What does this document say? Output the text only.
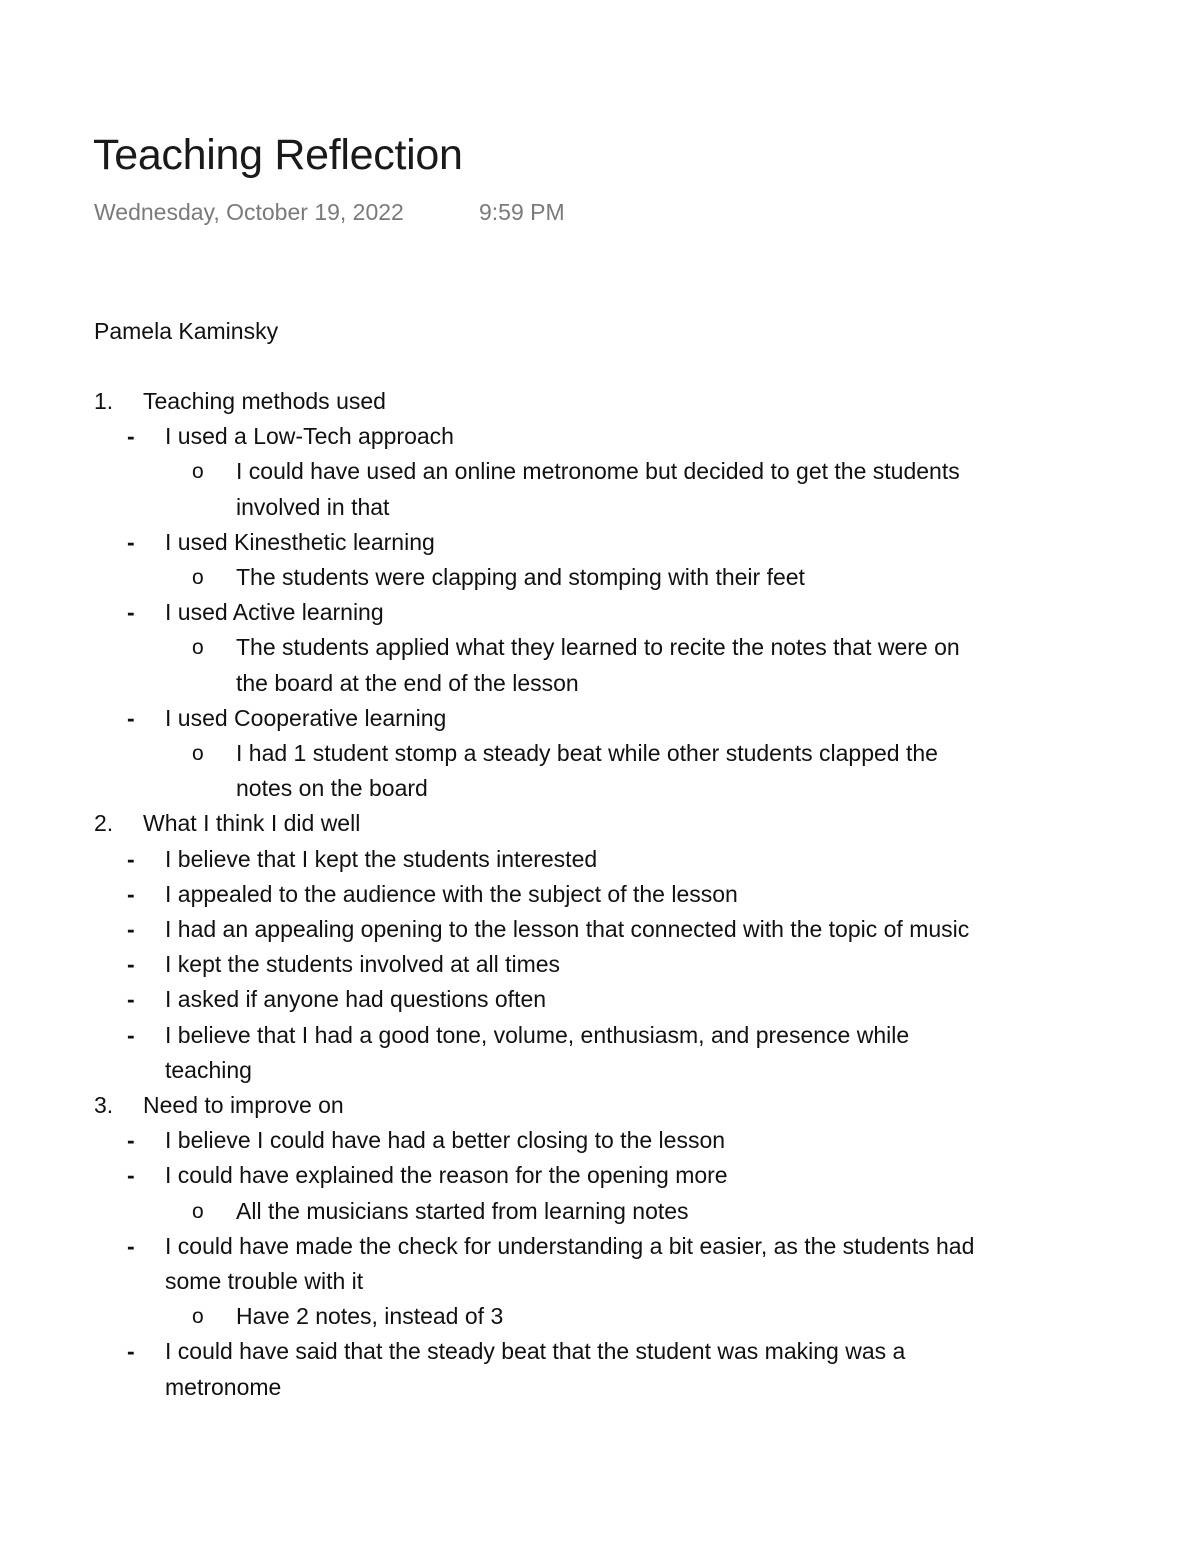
Teaching Reflection
Wednesday, October 19, 2022	9:59 PM
Pamela Kaminsky
1. Teaching methods used
- I used a Low-Tech approach
o I could have used an online metronome but decided to get the students
involved in that
- I used Kinesthetic learning
o The students were clapping and stomping with their feet
- I used Active learning
o The students applied what they learned to recite the notes that were on
the board at the end of the lesson
- I used Cooperative learning
o I had 1 student stomp a steady beat while other students clapped the
notes on the board
2. What I think I did well
- I believe that I kept the students interested
- I appealed to the audience with the subject of the lesson
- I had an appealing opening to the lesson that connected with the topic of music
- I kept the students involved at all times
- I asked if anyone had questions often
- I believe that I had a good tone, volume, enthusiasm, and presence while
teaching
3. Need to improve on
- I believe I could have had a better closing to the lesson
- I could have explained the reason for the opening more
o All the musicians started from learning notes
- I could have made the check for understanding a bit easier, as the students had
some trouble with it
o Have 2 notes, instead of 3
- I could have said that the steady beat that the student was making was a
metronome
